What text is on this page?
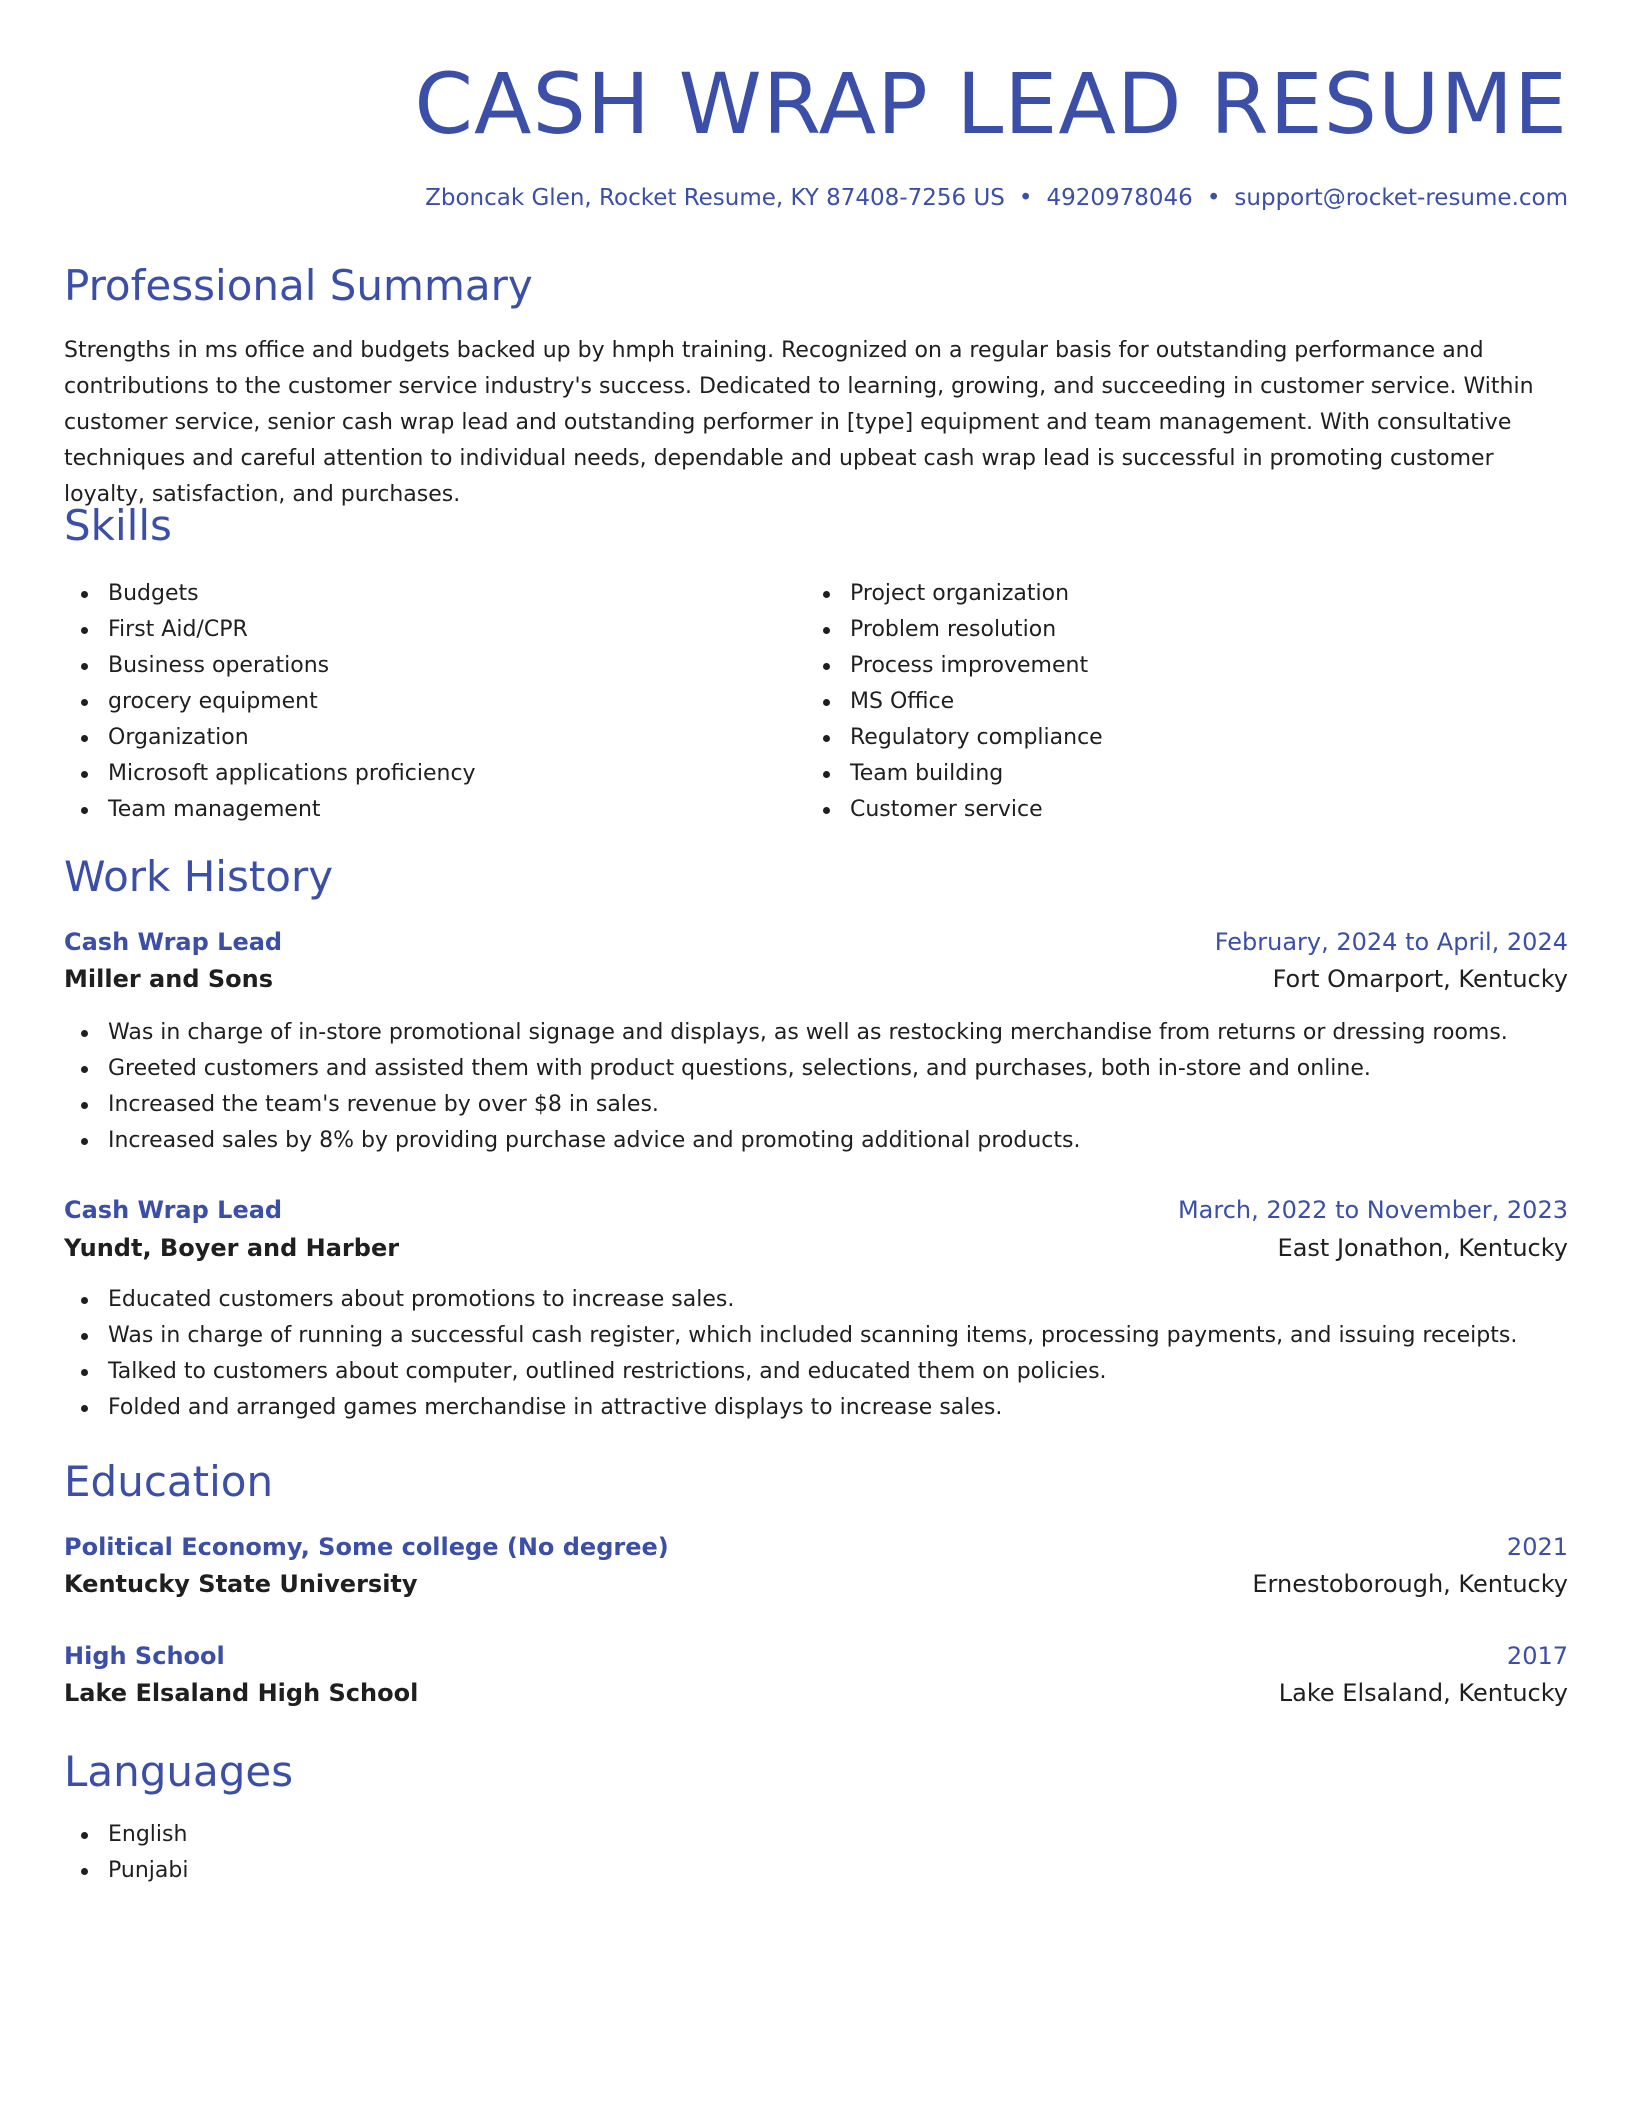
CASH WRAP LEAD RESUME
Zboncak Glen, Rocket Resume, KY 87408-7256 US • 4920978046 • support@rocket-resume.com
Professional Summary

Strengths in ms office and budgets backed up by hmph training. Recognized on a regular basis for outstanding performance and contributions to the customer service industry's success. Dedicated to learning, growing, and succeeding in customer service. Within customer service, senior cash wrap lead and outstanding performer in [type] equipment and team management. With consultative techniques and careful attention to individual needs, dependable and upbeat cash wrap lead is successful in promoting customer loyalty, satisfaction, and purchases.

Skills
Budgets
First Aid/CPR
Business operations
grocery equipment
Organization
Microsoft applications proficiency
Team management
Project organization
Problem resolution
Process improvement
MS Office
Regulatory compliance
Team building
Customer service
Work History
Cash Wrap Lead	February, 2024 to April, 2024
Miller and Sons	Fort Omarport, Kentucky
Was in charge of in-store promotional signage and displays, as well as restocking merchandise from returns or dressing rooms.
Greeted customers and assisted them with product questions, selections, and purchases, both in-store and online.
Increased the team's revenue by over $8 in sales.
Increased sales by 8% by providing purchase advice and promoting additional products.
Cash Wrap Lead	March, 2022 to November, 2023
Yundt, Boyer and Harber	East Jonathon, Kentucky
Educated customers about promotions to increase sales.
Was in charge of running a successful cash register, which included scanning items, processing payments, and issuing receipts.
Talked to customers about computer, outlined restrictions, and educated them on policies.
Folded and arranged games merchandise in attractive displays to increase sales.
Education
Political Economy, Some college (No degree)	2021
Kentucky State University	Ernestoborough, Kentucky
High School	2017
Lake Elsaland High School	Lake Elsaland, Kentucky
Languages
English
Punjabi
